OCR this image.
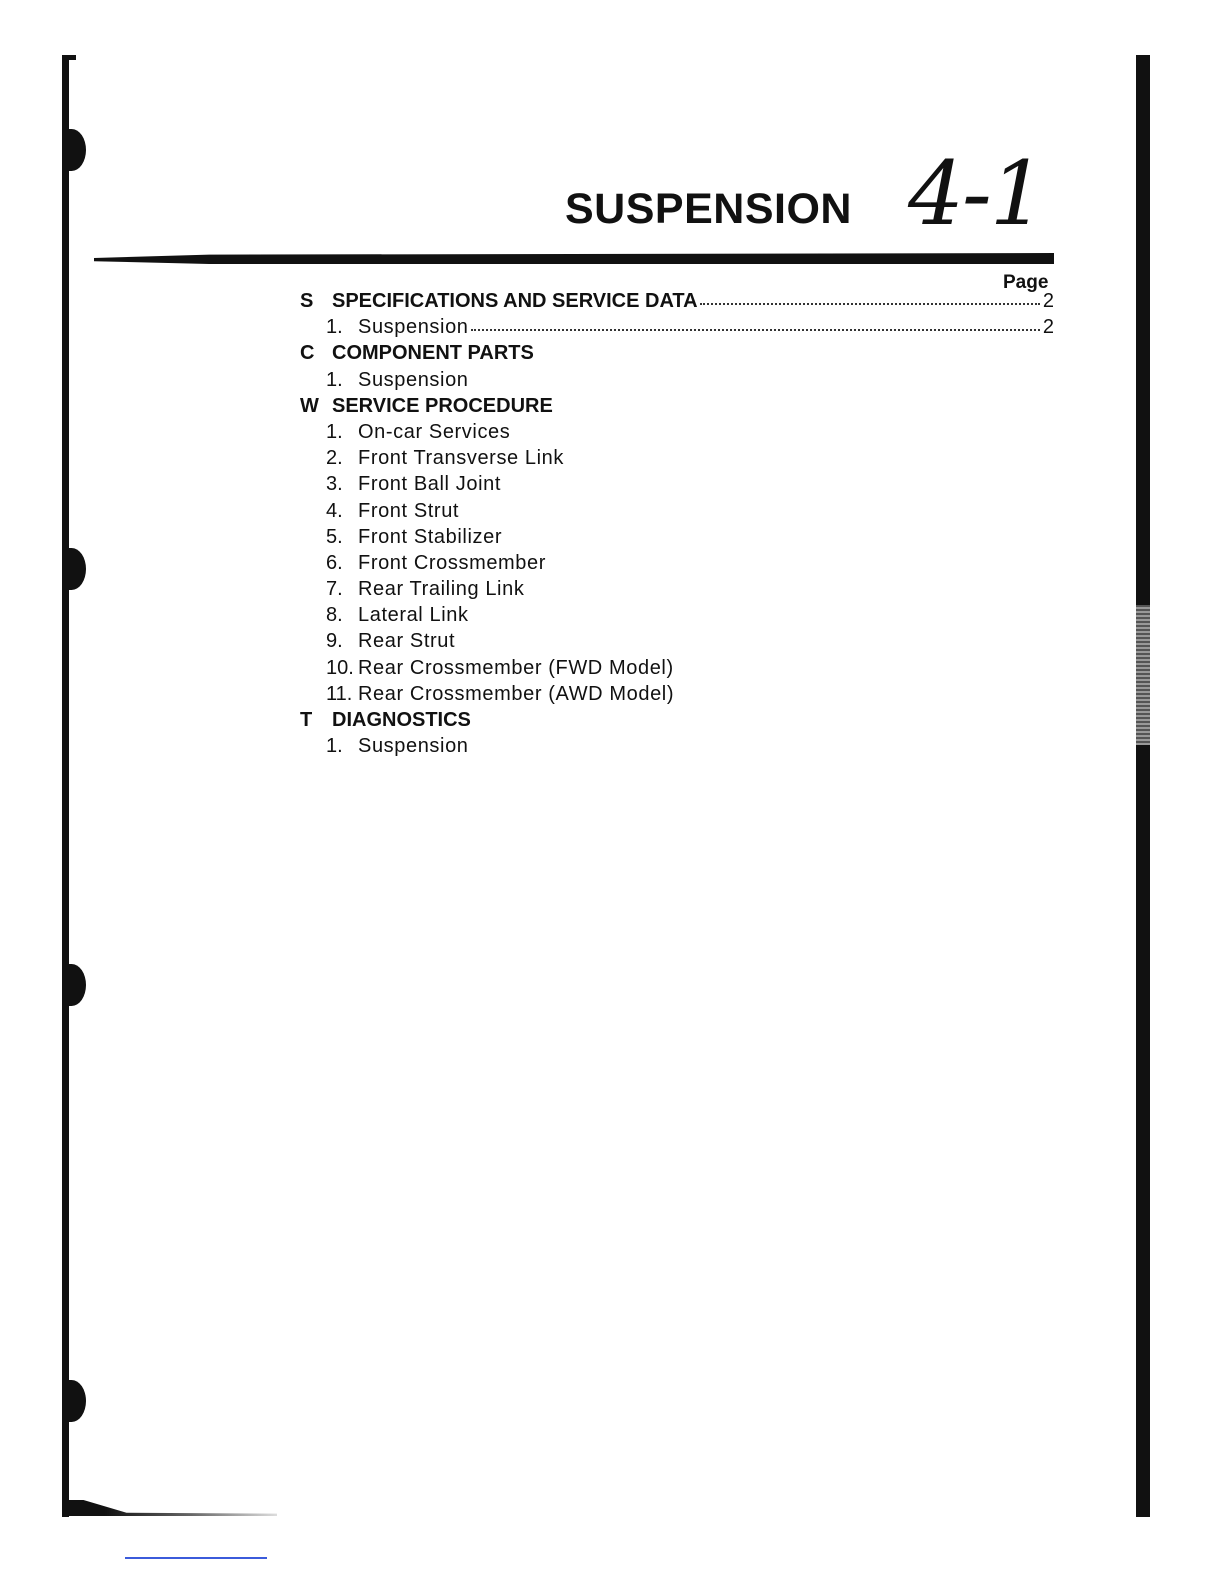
SUSPENSION 4-1
Page
S SPECIFICATIONS AND SERVICE DATA	2
1. Suspension	2
C COMPONENT PARTS
1. Suspension
W SERVICE PROCEDURE
1. On-car Services
2. Front Transverse Link
3. Front Ball Joint
4. Front Strut
5. Front Stabilizer
6. Front Crossmember
7. Rear Trailing Link
8. Lateral Link
9. Rear Strut
10. Rear Crossmember (FWD Model)
11. Rear Crossmember (AWD Model)
T DIAGNOSTICS
1. Suspension
